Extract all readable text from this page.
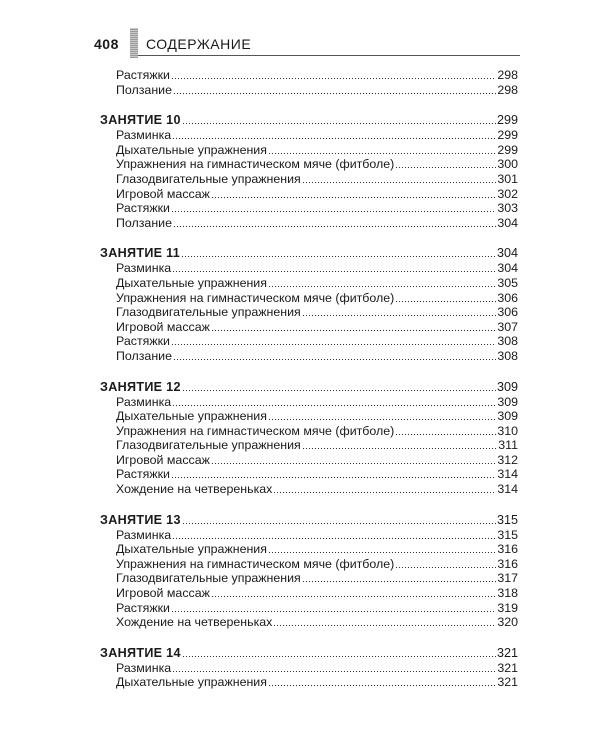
408 СОДЕРЖАНИЕ
Растяжки	298
Ползание	298
ЗАНЯТИЕ 10	299
Разминка	299
Дыхательные упражнения	299
Упражнения на гимнастическом мяче (фитболе)	300
Глазодвигательные упражнения	301
Игровой массаж	302
Растяжки	303
Ползание	304
ЗАНЯТИЕ 11	304
Разминка	304
Дыхательные упражнения	305
Упражнения на гимнастическом мяче (фитболе)	306
Глазодвигательные упражнения	306
Игровой массаж	307
Растяжки	308
Ползание	308
ЗАНЯТИЕ 12	309
Разминка	309
Дыхательные упражнения	309
Упражнения на гимнастическом мяче (фитболе)	310
Глазодвигательные упражнения	311
Игровой массаж	312
Растяжки	314
Хождение на четвереньках	314
ЗАНЯТИЕ 13	315
Разминка	315
Дыхательные упражнения	316
Упражнения на гимнастическом мяче (фитболе)	316
Глазодвигательные упражнения	317
Игровой массаж	318
Растяжки	319
Хождение на четвереньках	320
ЗАНЯТИЕ 14	321
Разминка	321
Дыхательные упражнения	321
